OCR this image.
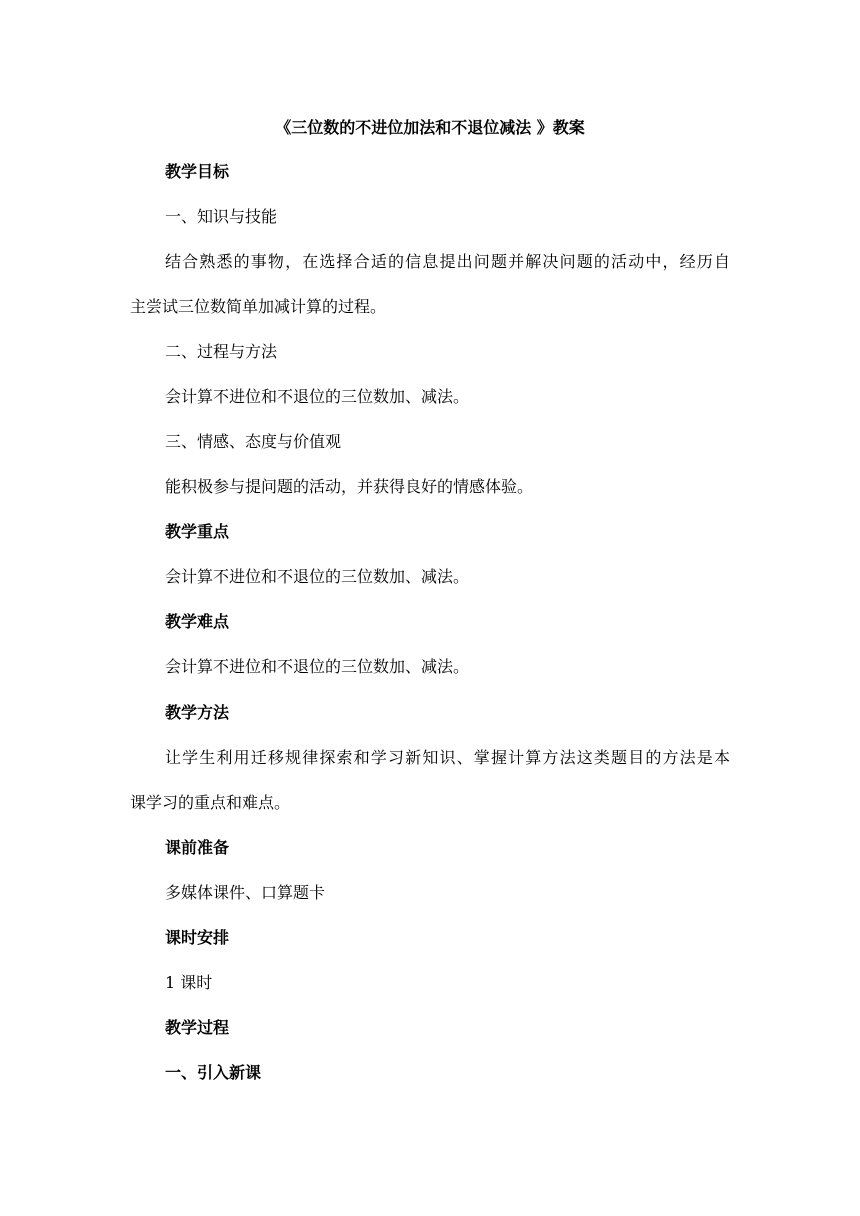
《三位数的不进位加法和不退位减法 》教案
教学目标
一、知识与技能
结合熟悉的事物，在选择合适的信息提出问题并解决问题的活动中，经历自
主尝试三位数简单加减计算的过程。
二、过程与方法
会计算不进位和不退位的三位数加、减法。
三、情感、态度与价值观
能积极参与提问题的活动，并获得良好的情感体验。
教学重点
会计算不进位和不退位的三位数加、减法。
教学难点
会计算不进位和不退位的三位数加、减法。
教学方法
让学生利用迁移规律探索和学习新知识、掌握计算方法这类题目的方法是本
课学习的重点和难点。
课前准备
多媒体课件、口算题卡
课时安排
1 课时
教学过程
一、引入新课
